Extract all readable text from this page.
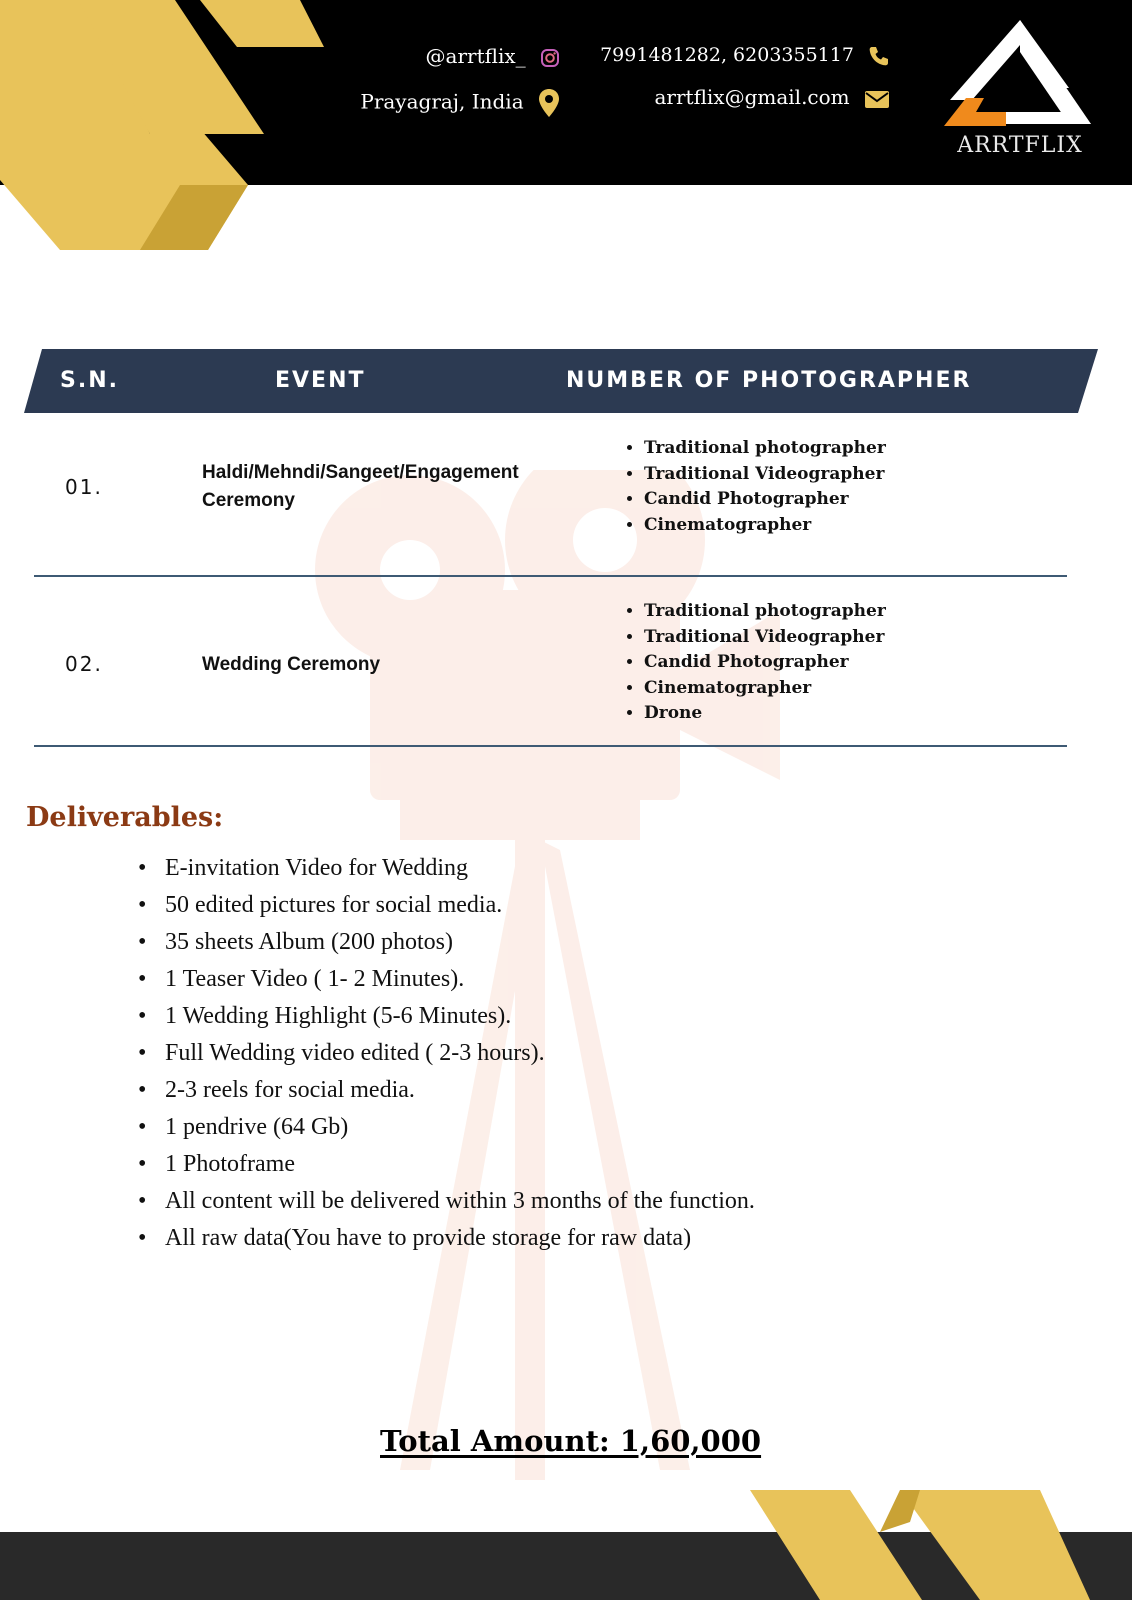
@arrtflix_
Prayagraj, India
7991481282, 6203355117
arrtflix@gmail.com
ARRTFLIX
S.N.	EVENT	NUMBER OF PHOTOGRAPHER
01.
Haldi/Mehndi/Sangeet/Engagement Ceremony
• Traditional photographer
• Traditional Videographer
• Candid Photographer
• Cinematographer
02.	Wedding Ceremony
• Traditional photographer
• Traditional Videographer
• Candid Photographer
• Cinematographer
• Drone
Deliverables:
• E-invitation Video for Wedding
• 50 edited pictures for social media.
• 35 sheets Album (200 photos)
• 1 Teaser Video ( 1- 2 Minutes).
• 1 Wedding Highlight (5-6 Minutes).
• Full Wedding video edited ( 2-3 hours).
• 2-3 reels for social media.
• 1 pendrive (64 Gb)
• 1 Photoframe
• All content will be delivered within 3 months of the function.
• All raw data(You have to provide storage for raw data)
Total Amount: 1,60,000
